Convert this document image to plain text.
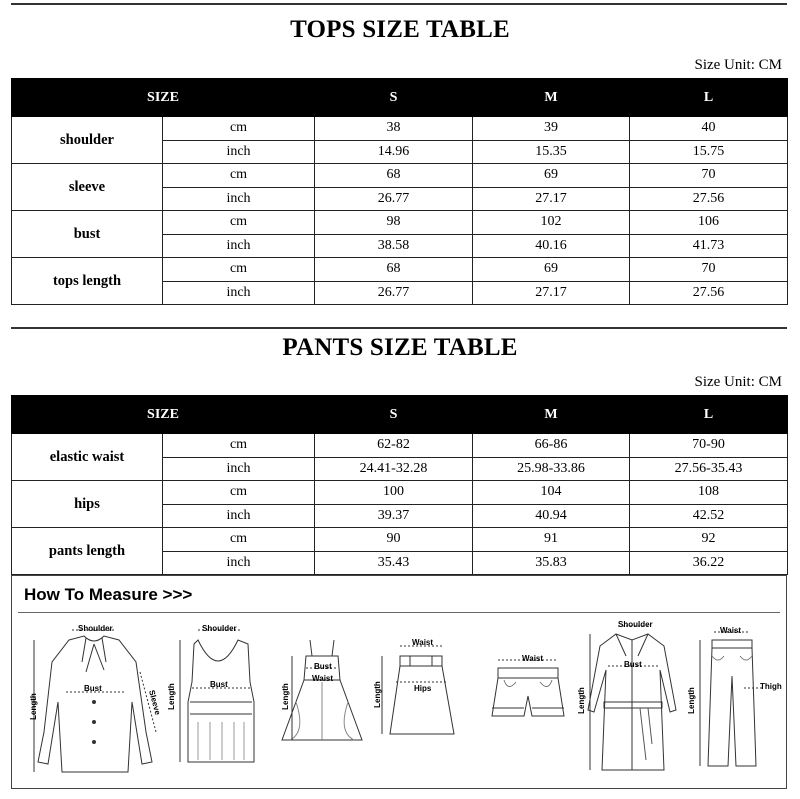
TOPS SIZE TABLE
Size Unit: CM
SIZE		S	M	L
shoulder	cm	38	39	40
	inch	14.96	15.35	15.75
sleeve	cm	68	69	70
	inch	26.77	27.17	27.56
bust	cm	98	102	106
	inch	38.58	40.16	41.73
tops length	cm	68	69	70
	inch	26.77	27.17	27.56
PANTS SIZE TABLE
Size Unit: CM
SIZE		S	M	L
elastic waist	cm	62-82	66-86	70-90
	inch	24.41-32.28	25.98-33.86	27.56-35.43
hips	cm	100	104	108
	inch	39.37	40.94	42.52
pants length	cm	90	91	92
	inch	35.43	35.83	36.22
How To Measure >>>
Shoulder
Bust
Sleeve
Length
Shoulder
Bust
Length
Bust
Waist
Length
Waist
Hips
Length
Waist
Shoulder
Bust
Length
Waist
Thigh
Length
